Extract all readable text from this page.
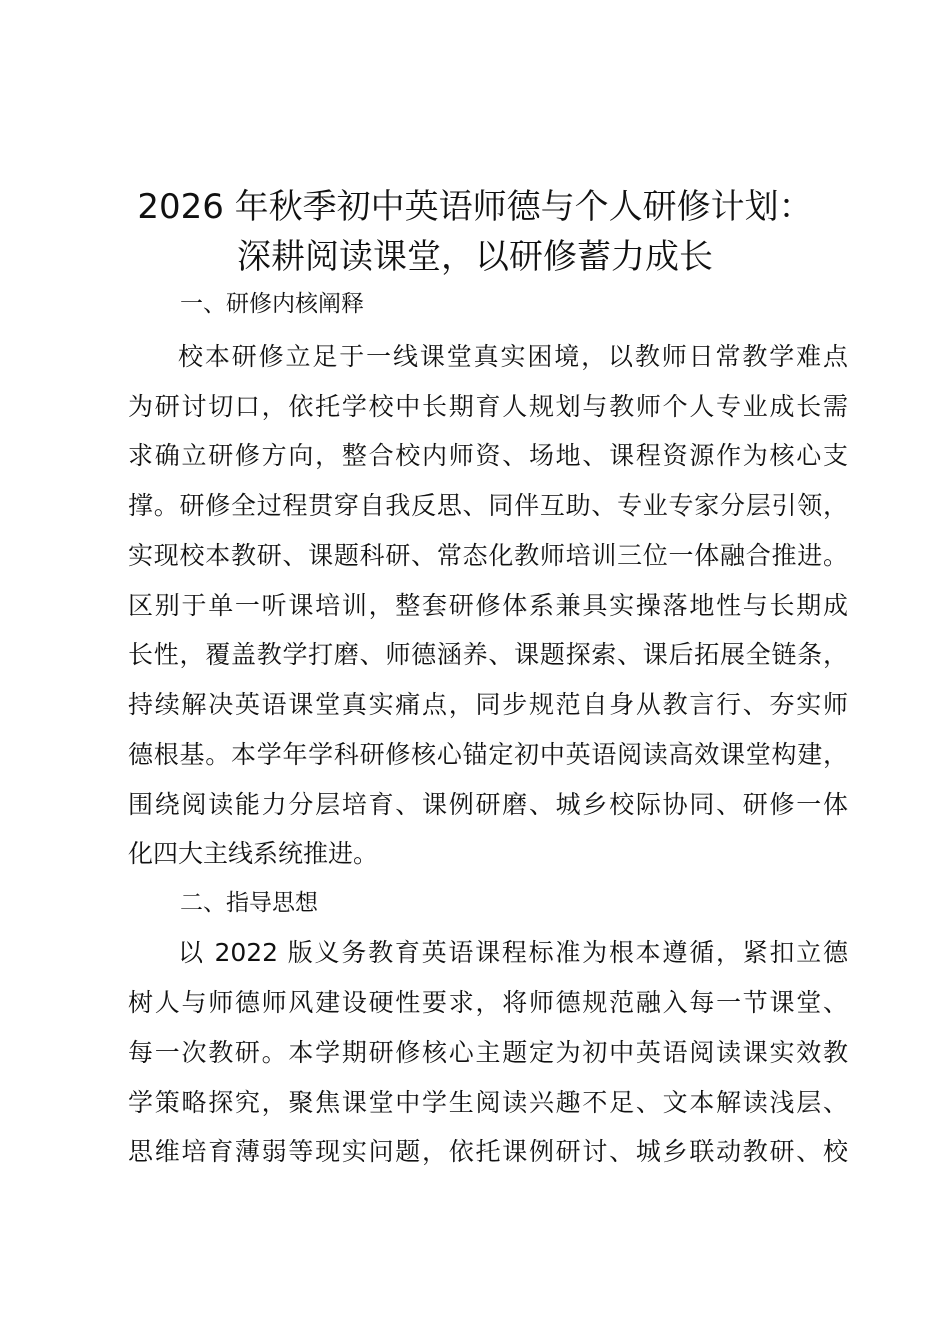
2026 年秋季初中英语师德与个人研修计划：
深耕阅读课堂，以研修蓄力成长

一、研修内核阐释

校本研修立足于一线课堂真实困境，以教师日常教学难点

为研讨切口，依托学校中长期育人规划与教师个人专业成长需

求确立研修方向，整合校内师资、场地、课程资源作为核心支

撑。研修全过程贯穿自我反思、同伴互助、专业专家分层引领，

实现校本教研、课题科研、常态化教师培训三位一体融合推进。

区别于单一听课培训，整套研修体系兼具实操落地性与长期成

长性，覆盖教学打磨、师德涵养、课题探索、课后拓展全链条，

持续解决英语课堂真实痛点，同步规范自身从教言行、夯实师

德根基。本学年学科研修核心锚定初中英语阅读高效课堂构建，

围绕阅读能力分层培育、课例研磨、城乡校际协同、研修一体

化四大主线系统推进。

二、指导思想

以 2022 版义务教育英语课程标准为根本遵循，紧扣立德

树人与师德师风建设硬性要求，将师德规范融入每一节课堂、

每一次教研。本学期研修核心主题定为初中英语阅读课实效教

学策略探究，聚焦课堂中学生阅读兴趣不足、文本解读浅层、

思维培育薄弱等现实问题，依托课例研讨、城乡联动教研、校
